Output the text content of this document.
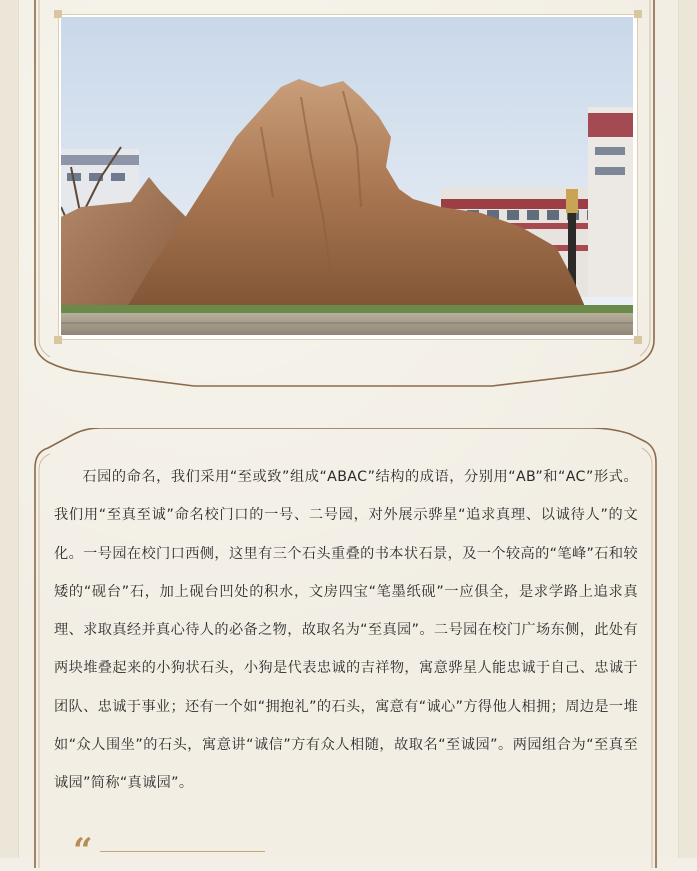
石园的命名，我们采用“至或致”组成“ABAC”结构的成语，分别用“AB”和“AC”形式。我们用“至真至诚”命名校门口的一号、二号园，对外展示骅星“追求真理、以诚待人”的文化。一号园在校门口西侧，这里有三个石头重叠的书本状石景，及一个较高的“笔峰”石和较矮的“砚台”石，加上砚台凹处的积水，文房四宝“笔墨纸砚”一应俱全，是求学路上追求真理、求取真经并真心待人的必备之物，故取名为“至真园”。二号园在校门广场东侧，此处有两块堆叠起来的小狗状石头，小狗是代表忠诚的吉祥物，寓意骅星人能忠诚于自己、忠诚于团队、忠诚于事业；还有一个如“拥抱礼”的石头，寓意有“诚心”方得他人相拥；周边是一堆如“众人围坐”的石头，寓意讲“诚信”方有众人相随，故取名“至诚园”。两园组合为“至真至诚园”简称“真诚园”。

“
